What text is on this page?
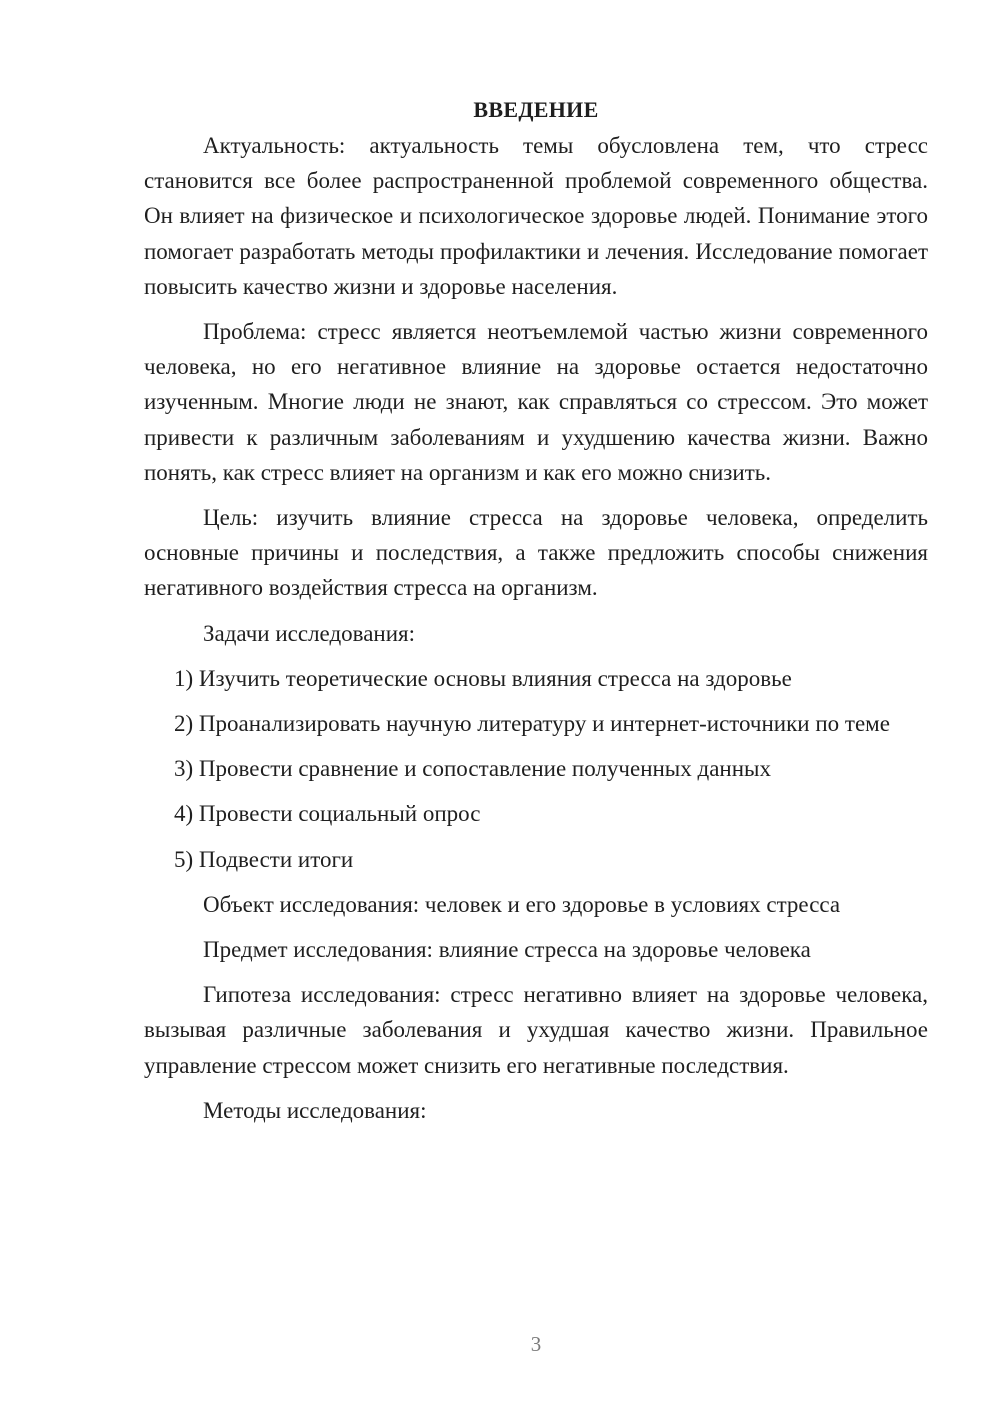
ВВЕДЕНИЕ

Актуальность: актуальность темы обусловлена тем, что стресс становится все более распространенной проблемой современного общества. Он влияет на физическое и психологическое здоровье людей. Понимание этого помогает разработать методы профилактики и лечения. Исследование помогает повысить качество жизни и здоровье населения.

Проблема: стресс является неотъемлемой частью жизни современного человека, но его негативное влияние на здоровье остается недостаточно изученным. Многие люди не знают, как справляться со стрессом. Это может привести к различным заболеваниям и ухудшению качества жизни. Важно понять, как стресс влияет на организм и как его можно снизить.

Цель: изучить влияние стресса на здоровье человека, определить основные причины и последствия, а также предложить способы снижения негативного воздействия стресса на организм.

Задачи исследования:

1) Изучить теоретические основы влияния стресса на здоровье

2) Проанализировать научную литературу и интернет-источники по теме

3) Провести сравнение и сопоставление полученных данных

4) Провести социальный опрос

5) Подвести итоги

Объект исследования: человек и его здоровье в условиях стресса

Предмет исследования: влияние стресса на здоровье человека

Гипотеза исследования: стресс негативно влияет на здоровье человека, вызывая различные заболевания и ухудшая качество жизни. Правильное управление стрессом может снизить его негативные последствия.

Методы исследования:

3
